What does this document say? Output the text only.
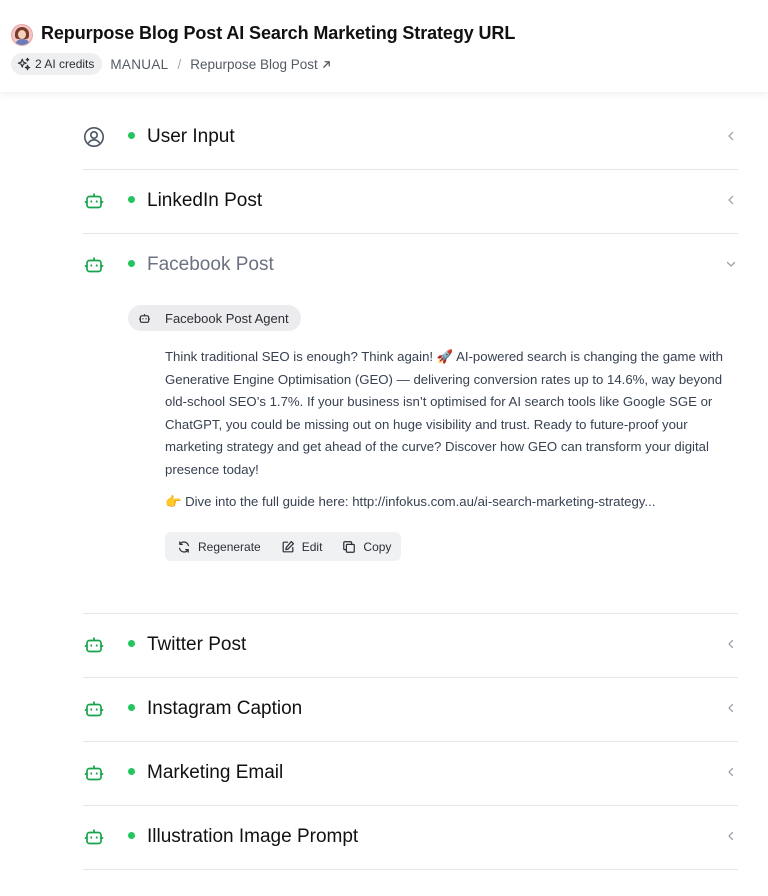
Repurpose Blog Post AI Search Marketing Strategy URL
2 AI credits MANUAL / Repurpose Blog Post
User Input
LinkedIn Post
Facebook Post
Facebook Post Agent
Think traditional SEO is enough? Think again! 🚀 AI-powered search is changing the game with Generative Engine Optimisation (GEO) — delivering conversion rates up to 14.6%, way beyond old-school SEO’s 1.7%. If your business isn’t optimised for AI search tools like Google SGE or ChatGPT, you could be missing out on huge visibility and trust. Ready to future-proof your marketing strategy and get ahead of the curve? Discover how GEO can transform your digital presence today!
👉 Dive into the full guide here: http://infokus.com.au/ai-search-marketing-strategy...
Regenerate	Edit	Copy
Twitter Post
Instagram Caption
Marketing Email
Illustration Image Prompt
